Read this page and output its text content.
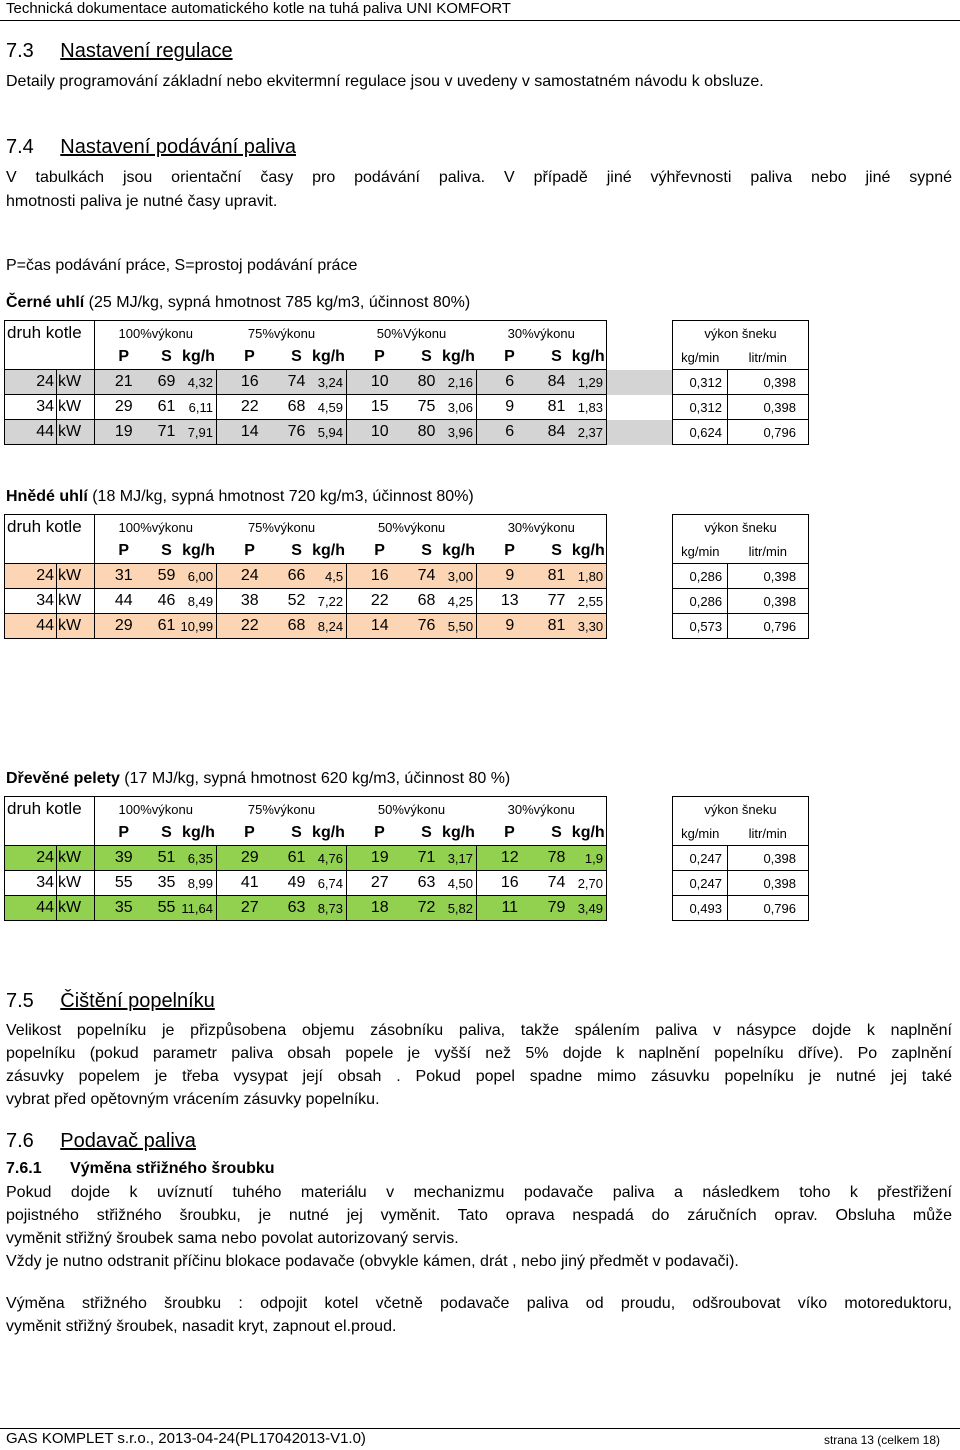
Technická dokumentace automatického kotle na tuhá paliva UNI KOMFORT
7.3 Nastavení regulace
Detaily programování základní nebo ekvitermní regulace jsou v uvedeny v samostatném návodu k obsluze.
7.4 Nastavení podávání paliva
V tabulkách jsou orientační časy pro podávání paliva. V případě jiné výhřevnosti paliva nebo jiné sypné
hmotnosti paliva je nutné časy upravit.
P=čas podávání práce, S=prostoj podávání práce
Černé uhlí (25 MJ/kg, sypná hmotnost 785 kg/m3, účinnost 80%)
druh kotle		100%výkonu			75%výkonu			50%Výkonu			30%výkonu				výkon šneku	
		P	S	kg/h	P	S	kg/h	P	S	kg/h	P	S	kg/h		kg/min	litr/min
24	kW	21	69	4,32	16	74	3,24	10	80	2,16	6	84	1,29		0,312	0,398
34	kW	29	61	6,11	22	68	4,59	15	75	3,06	9	81	1,83		0,312	0,398
44	kW	19	71	7,91	14	76	5,94	10	80	3,96	6	84	2,37		0,624	0,796
Hnědé uhlí (18 MJ/kg, sypná hmotnost 720 kg/m3, účinnost 80%)
druh kotle		100%výkonu			75%výkonu			50%výkonu			30%výkonu				výkon šneku	
		P	S	kg/h	P	S	kg/h	P	S	kg/h	P	S	kg/h		kg/min	litr/min
24	kW	31	59	6,00	24	66	4,5	16	74	3,00	9	81	1,80		0,286	0,398
34	kW	44	46	8,49	38	52	7,22	22	68	4,25	13	77	2,55		0,286	0,398
44	kW	29	61	10,99	22	68	8,24	14	76	5,50	9	81	3,30		0,573	0,796
Dřevěné pelety (17 MJ/kg, sypná hmotnost 620 kg/m3, účinnost 80 %)
druh kotle		100%výkonu			75%výkonu			50%výkonu			30%výkonu				výkon šneku	
		P	S	kg/h	P	S	kg/h	P	S	kg/h	P	S	kg/h		kg/min	litr/min
24	kW	39	51	6,35	29	61	4,76	19	71	3,17	12	78	1,9		0,247	0,398
34	kW	55	35	8,99	41	49	6,74	27	63	4,50	16	74	2,70		0,247	0,398
44	kW	35	55	11,64	27	63	8,73	18	72	5,82	11	79	3,49		0,493	0,796
7.5 Čištění popelníku
Velikost popelníku je přizpůsobena objemu zásobníku paliva, takže spálením paliva v násypce dojde k naplnění
popelníku (pokud parametr paliva obsah popele je vyšší než 5% dojde k naplnění popelníku dříve). Po zaplnění
zásuvky popelem je třeba vysypat její obsah . Pokud popel spadne mimo zásuvku popelníku je nutné jej také
vybrat před opětovným vrácením zásuvky popelníku.
7.6 Podavač paliva
7.6.1 Výměna střižného šroubku
Pokud dojde k uvíznutí tuhého materiálu v mechanizmu podavače paliva a následkem toho k přestřižení
pojistného střižného šroubku, je nutné jej vyměnit. Tato oprava nespadá do záručních oprav. Obsluha může
vyměnit střižný šroubek sama nebo povolat autorizovaný servis.
Vždy je nutno odstranit příčinu blokace podavače (obvykle kámen, drát , nebo jiný předmět v podavači).
Výměna střižného šroubku : odpojit kotel včetně podavače paliva od proudu, odšroubovat víko motoreduktoru,
vyměnit střižný šroubek, nasadit kryt, zapnout el.proud.
GAS KOMPLET s.r.o., 2013-04-24(PL17042013-V1.0)	strana 13 (celkem 18)
